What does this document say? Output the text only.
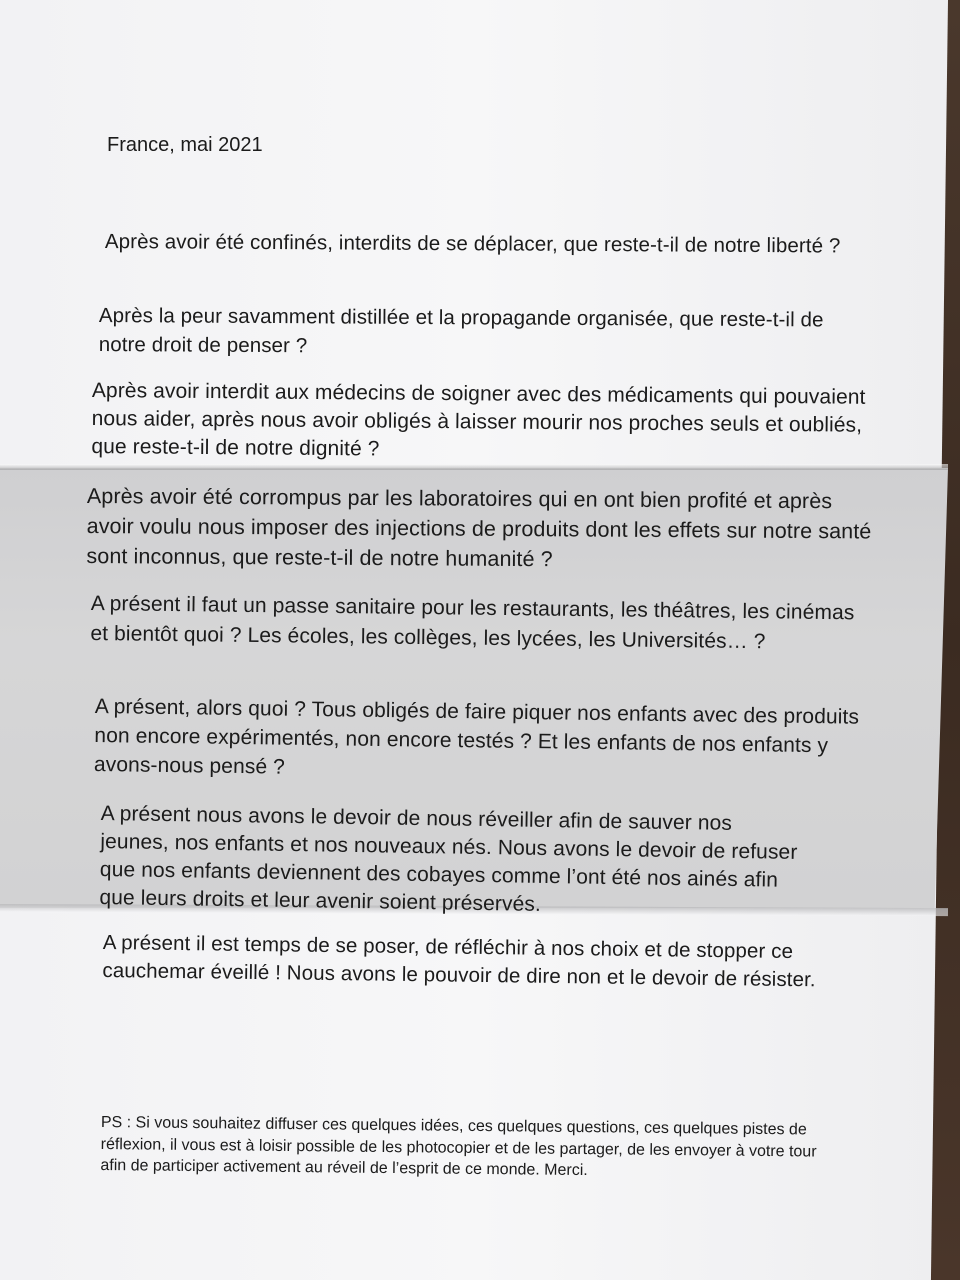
France, mai 2021

Après avoir été confinés, interdits de se déplacer, que reste-t-il de notre liberté ?

Après la peur savamment distillée et la propagande organisée, que reste-t-il de notre droit de penser ?

Après avoir interdit aux médecins de soigner avec des médicaments qui pouvaient nous aider, après nous avoir obligés à laisser mourir nos proches seuls et oubliés, que reste-t-il de notre dignité ?

Après avoir été corrompus par les laboratoires qui en ont bien profité et après avoir voulu nous imposer des injections de produits dont les effets sur notre santé sont inconnus, que reste-t-il de notre humanité ?

A présent il faut un passe sanitaire pour les restaurants, les théâtres, les cinémas et bientôt quoi ? Les écoles, les collèges, les lycées, les Universités… ?

A présent, alors quoi ? Tous obligés de faire piquer nos enfants avec des produits non encore expérimentés, non encore testés ? Et les enfants de nos enfants y avons-nous pensé ?

A présent nous avons le devoir de nous réveiller afin de sauver nos jeunes, nos enfants et nos nouveaux nés. Nous avons le devoir de refuser que nos enfants deviennent des cobayes comme l’ont été nos ainés afin que leurs droits et leur avenir soient préservés.

A présent il est temps de se poser, de réfléchir à nos choix et de stopper ce cauchemar éveillé ! Nous avons le pouvoir de dire non et le devoir de résister.

PS : Si vous souhaitez diffuser ces quelques idées, ces quelques questions, ces quelques pistes de réflexion, il vous est à loisir possible de les photocopier et de les partager, de les envoyer à votre tour afin de participer activement au réveil de l’esprit de ce monde. Merci.
